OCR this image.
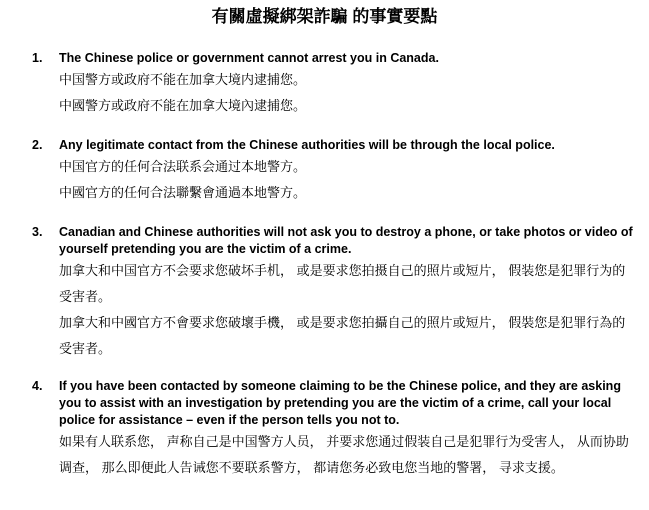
有關虛擬綁架詐騙 的事實要點
1.	The Chinese police or government cannot arrest you in Canada.
中国警方或政府不能在加拿大境内逮捕您。
中國警方或政府不能在加拿大境內逮捕您。
2.	Any legitimate contact from the Chinese authorities will be through the local police.
中国官方的任何合法联系会通过本地警方。
中國官方的任何合法聯繫會通過本地警方。
3.	Canadian and Chinese authorities will not ask you to destroy a phone, or take photos or video of yourself pretending you are the victim of a crime.
加拿大和中国官方不会要求您破坏手机， 或是要求您拍摄自己的照片或短片， 假装您是犯罪行为的受害者。
加拿大和中國官方不會要求您破壞手機， 或是要求您拍攝自己的照片或短片， 假裝您是犯罪行為的受害者。
4.	If you have been contacted by someone claiming to be the Chinese police, and they are asking you to assist with an investigation by pretending you are the victim of a crime, call your local police for assistance – even if the person tells you not to.
如果有人联系您， 声称自己是中国警方人员， 并要求您通过假装自己是犯罪行为受害人， 从而协助调查， 那么即便此人告诫您不要联系警方， 都请您务必致电您当地的警署， 寻求支援。
